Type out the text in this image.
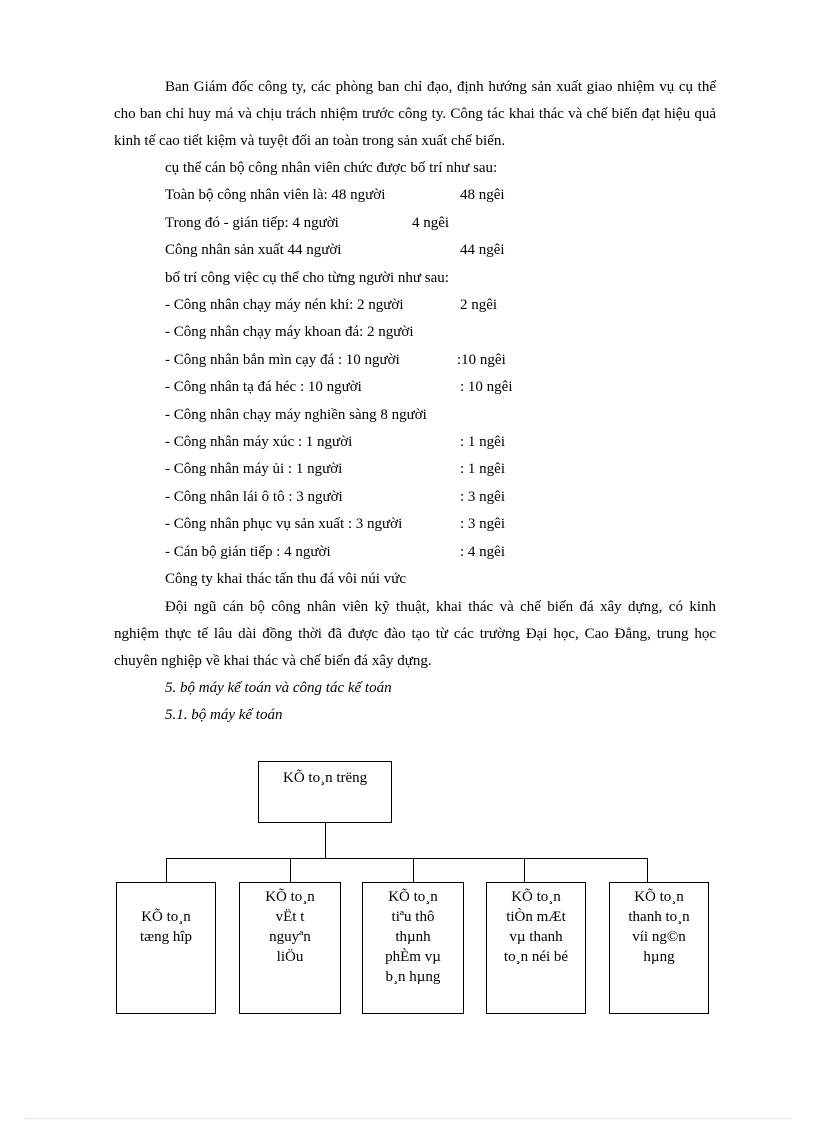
Ban Giám đốc công ty, các phòng ban chỉ đạo, định hướng sản xuất giao nhiệm vụ cụ thể cho ban chỉ huy má và chịu trách nhiệm trước công ty. Công tác khai thác và chế biến đạt hiệu quả kinh tế cao tiết kiệm và tuyệt đối an toàn trong sản xuất chế biến.

cụ thể cán bộ công nhân viên chức được bố trí như sau:

Toàn bộ công nhân viên là: 48 người	48 ngêi

Trong đó - gián tiếp: 4 người	4 ngêi

Công nhân sản xuất 44 người	44 ngêi

bố trí công việc cụ thể cho từng người như sau:

- Công nhân chạy máy nén khí: 2 người	2 ngêi

- Công nhân chạy máy khoan đá: 2 người

- Công nhân bắn mìn cạy đá : 10 người	:10 ngêi

- Công nhân tạ đá héc : 10 người	: 10 ngêi

- Công nhân chạy máy nghiền sàng 8 người

- Công nhân máy xúc : 1 người	: 1 ngêi

- Công nhân máy ủi : 1 người	: 1 ngêi

- Công nhân lái ô tô : 3 người	: 3 ngêi

- Công nhân phục vụ sản xuất : 3 người	: 3 ngêi

- Cán bộ gián tiếp : 4 người	: 4 ngêi

Công ty khai thác tấn thu đá vôi núi vức

Đội ngũ cán bộ công nhân viên kỹ thuật, khai thác và chế biến đá xây dựng, có kinh nghiệm thực tế lâu dài đồng thời đã được đào tạo từ các trường Đại học, Cao Đẳng, trung học chuyên nghiệp về khai thác và chế biến đá xây dựng.

5. bộ máy kế toán và công tác kế toán

5.1. bộ máy kế toán

KÕ to¸n trëng
KÕ to¸n
tæng hîp
KÕ to¸n
vËt t
nguyªn
liÖu
KÕ to¸n
tiªu thô
thµnh
phÈm vµ
b¸n hµng
KÕ to¸n
tiÒn mÆt
vµ thanh
to¸n néi bé
KÕ to¸n
thanh to¸n
víi ng©n
hµng
